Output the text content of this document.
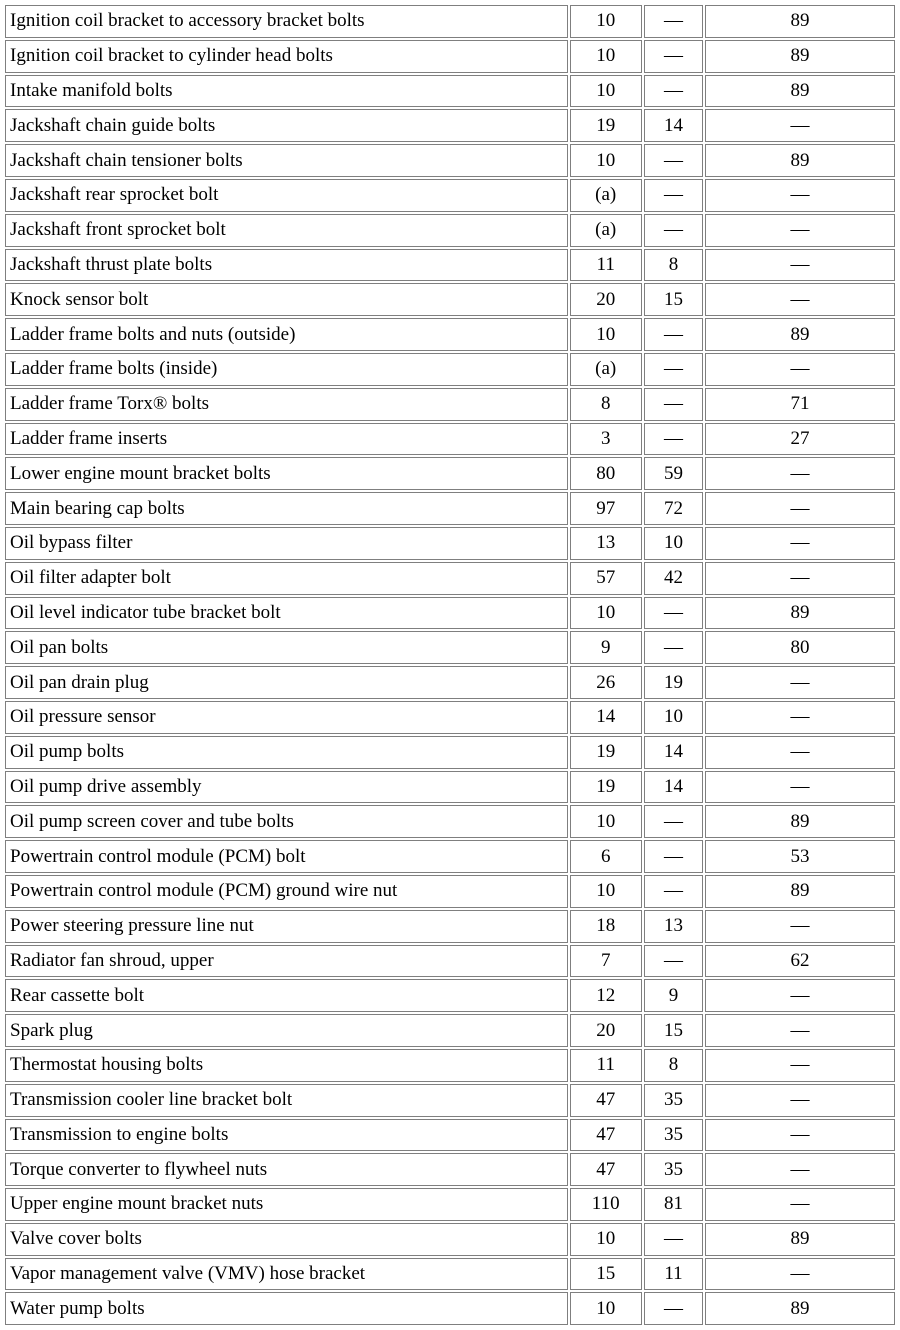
Ignition coil bracket to accessory bracket bolts	10	—	89
Ignition coil bracket to cylinder head bolts	10	—	89
Intake manifold bolts	10	—	89
Jackshaft chain guide bolts	19	14	—
Jackshaft chain tensioner bolts	10	—	89
Jackshaft rear sprocket bolt	(a)	—	—
Jackshaft front sprocket bolt	(a)	—	—
Jackshaft thrust plate bolts	11	8	—
Knock sensor bolt	20	15	—
Ladder frame bolts and nuts (outside)	10	—	89
Ladder frame bolts (inside)	(a)	—	—
Ladder frame Torx® bolts	8	—	71
Ladder frame inserts	3	—	27
Lower engine mount bracket bolts	80	59	—
Main bearing cap bolts	97	72	—
Oil bypass filter	13	10	—
Oil filter adapter bolt	57	42	—
Oil level indicator tube bracket bolt	10	—	89
Oil pan bolts	9	—	80
Oil pan drain plug	26	19	—
Oil pressure sensor	14	10	—
Oil pump bolts	19	14	—
Oil pump drive assembly	19	14	—
Oil pump screen cover and tube bolts	10	—	89
Powertrain control module (PCM) bolt	6	—	53
Powertrain control module (PCM) ground wire nut	10	—	89
Power steering pressure line nut	18	13	—
Radiator fan shroud, upper	7	—	62
Rear cassette bolt	12	9	—
Spark plug	20	15	—
Thermostat housing bolts	11	8	—
Transmission cooler line bracket bolt	47	35	—
Transmission to engine bolts	47	35	—
Torque converter to flywheel nuts	47	35	—
Upper engine mount bracket nuts	110	81	—
Valve cover bolts	10	—	89
Vapor management valve (VMV) hose bracket	15	11	—
Water pump bolts	10	—	89
